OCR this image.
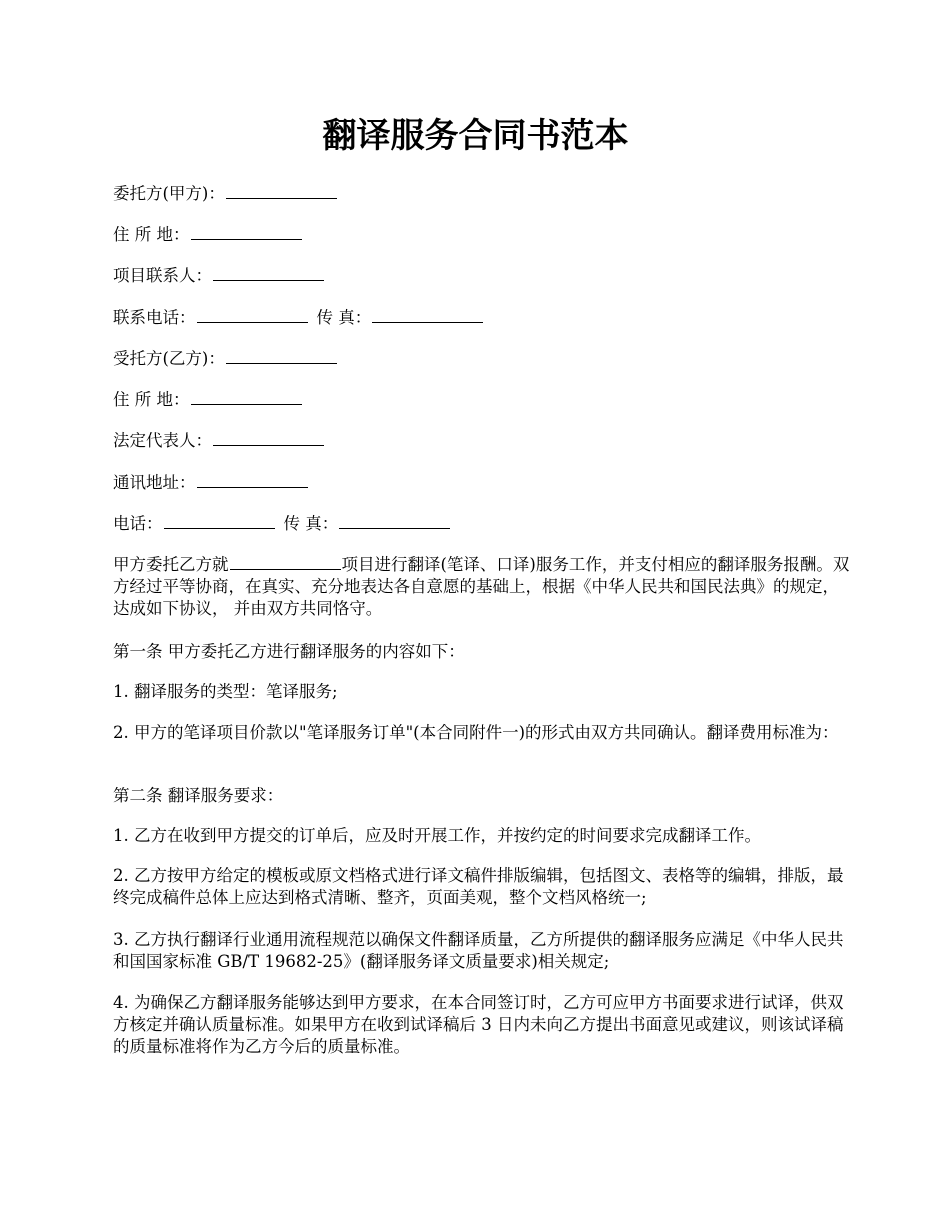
翻译服务合同书范本

委托方(甲方)：

住 所 地：

项目联系人：

联系电话：	传 真：

受托方(乙方)：

住 所 地：

法定代表人：

通讯地址：

电话：	传 真：

甲方委托乙方就	项目进行翻译(笔译、口译)服务工作，并支付相应的翻译服务报酬。双方经过平等协商，在真实、充分地表达各自意愿的基础上，根据《中华人民共和国民法典》的规定，达成如下协议， 并由双方共同恪守。

第一条 甲方委托乙方进行翻译服务的内容如下：

1. 翻译服务的类型：笔译服务;

2. 甲方的笔译项目价款以"笔译服务订单"(本合同附件一)的形式由双方共同确认。翻译费用标准为：

第二条 翻译服务要求：

1. 乙方在收到甲方提交的订单后，应及时开展工作，并按约定的时间要求完成翻译工作。

2. 乙方按甲方给定的模板或原文档格式进行译文稿件排版编辑，包括图文、表格等的编辑，排版，最终完成稿件总体上应达到格式清晰、整齐，页面美观，整个文档风格统一;

3. 乙方执行翻译行业通用流程规范以确保文件翻译质量，乙方所提供的翻译服务应满足《中华人民共和国国家标准 GB/T 19682-25》(翻译服务译文质量要求)相关规定;

4. 为确保乙方翻译服务能够达到甲方要求，在本合同签订时，乙方可应甲方书面要求进行试译，供双方核定并确认质量标准。如果甲方在收到试译稿后 3 日内未向乙方提出书面意见或建议，则该试译稿的质量标准将作为乙方今后的质量标准。
